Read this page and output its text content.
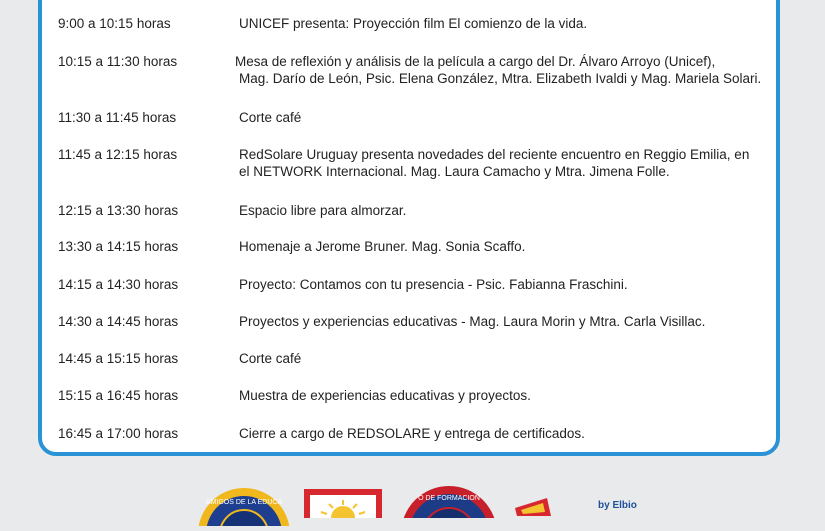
9:00 a 10:15 horas	UNICEF presenta: Proyección film El comienzo de la vida.
10:15 a 11:30 horas	Mesa de reflexión y análisis de la película a cargo del Dr. Álvaro Arroyo (Unicef),
Mag. Darío de León, Psic. Elena González, Mtra. Elizabeth Ivaldi y Mag. Mariela Solari.
11:30 a 11:45 horas	Corte café
11:45 a 12:15 horas	RedSolare Uruguay presenta novedades del reciente encuentro en Reggio Emilia, en
el NETWORK Internacional. Mag. Laura Camacho y Mtra. Jimena Folle.
12:15 a 13:30 horas	Espacio libre para almorzar.
13:30 a 14:15 horas	Homenaje a Jerome Bruner. Mag. Sonia Scaffo.
14:15 a 14:30 horas	Proyecto: Contamos con tu presencia - Psic. Fabianna Fraschini.
14:30 a 14:45 horas	Proyectos y experiencias educativas - Mag. Laura Morin y Mtra. Carla Visillac.
14:45 a 15:15 horas	Corte café
15:15 a 16:45 horas	Muestra de experiencias educativas y proyectos.
16:45 a 17:00 horas	Cierre a cargo de REDSOLARE y entrega de certificados.
AMIGOS DE LA EDUCA
O DE FORMACION
by Elbio
